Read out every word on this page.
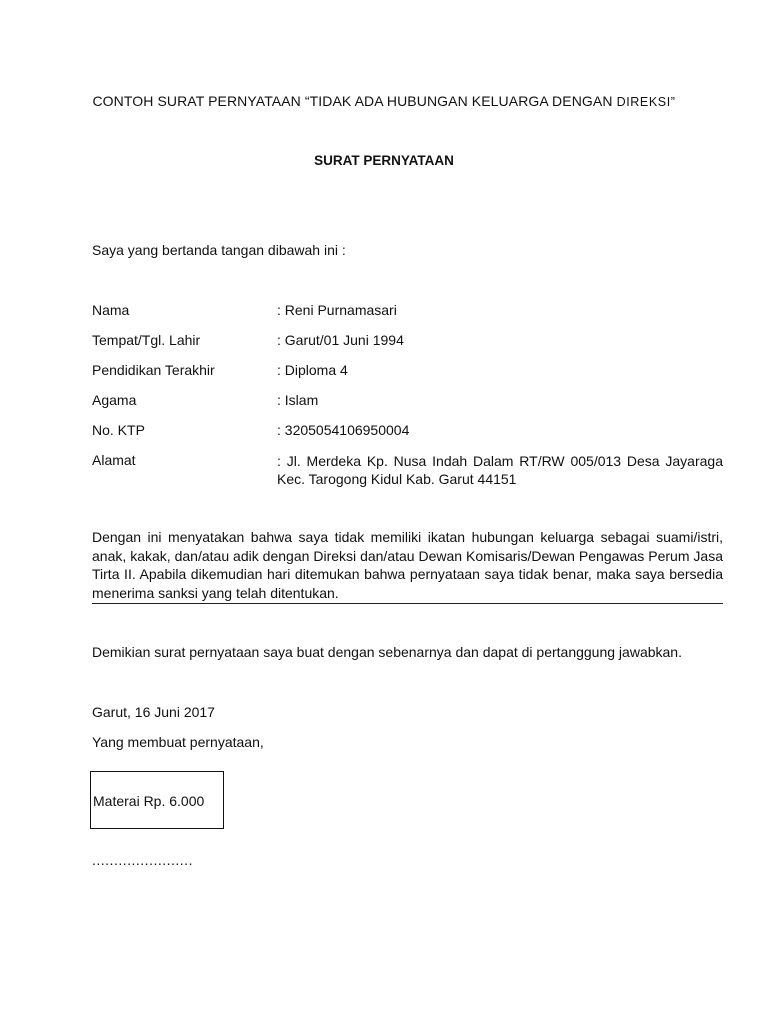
CONTOH SURAT PERNYATAAN “TIDAK ADA HUBUNGAN KELUARGA DENGAN DIREKSI”
SURAT PERNYATAAN
Saya yang bertanda tangan dibawah ini :
Nama	: Reni Purnamasari
Tempat/Tgl. Lahir	: Garut/01 Juni 1994
Pendidikan Terakhir	: Diploma 4
Agama	: Islam
No. KTP	: 3205054106950004
Alamat	: Jl. Merdeka Kp. Nusa Indah Dalam RT/RW 005/013 Desa Jayaraga
Kec. Tarogong Kidul Kab. Garut 44151
Dengan ini menyatakan bahwa saya tidak memiliki ikatan hubungan keluarga sebagai suami/istri,
anak, kakak, dan/atau adik dengan Direksi dan/atau Dewan Komisaris/Dewan Pengawas Perum Jasa
Tirta II. Apabila dikemudian hari ditemukan bahwa pernyataan saya tidak benar, maka saya bersedia
menerima sanksi yang telah ditentukan.
Demikian surat pernyataan saya buat dengan sebenarnya dan dapat di pertanggung jawabkan.
Garut, 16 Juni 2017
Yang membuat pernyataan,
Materai Rp. 6.000
.......................
